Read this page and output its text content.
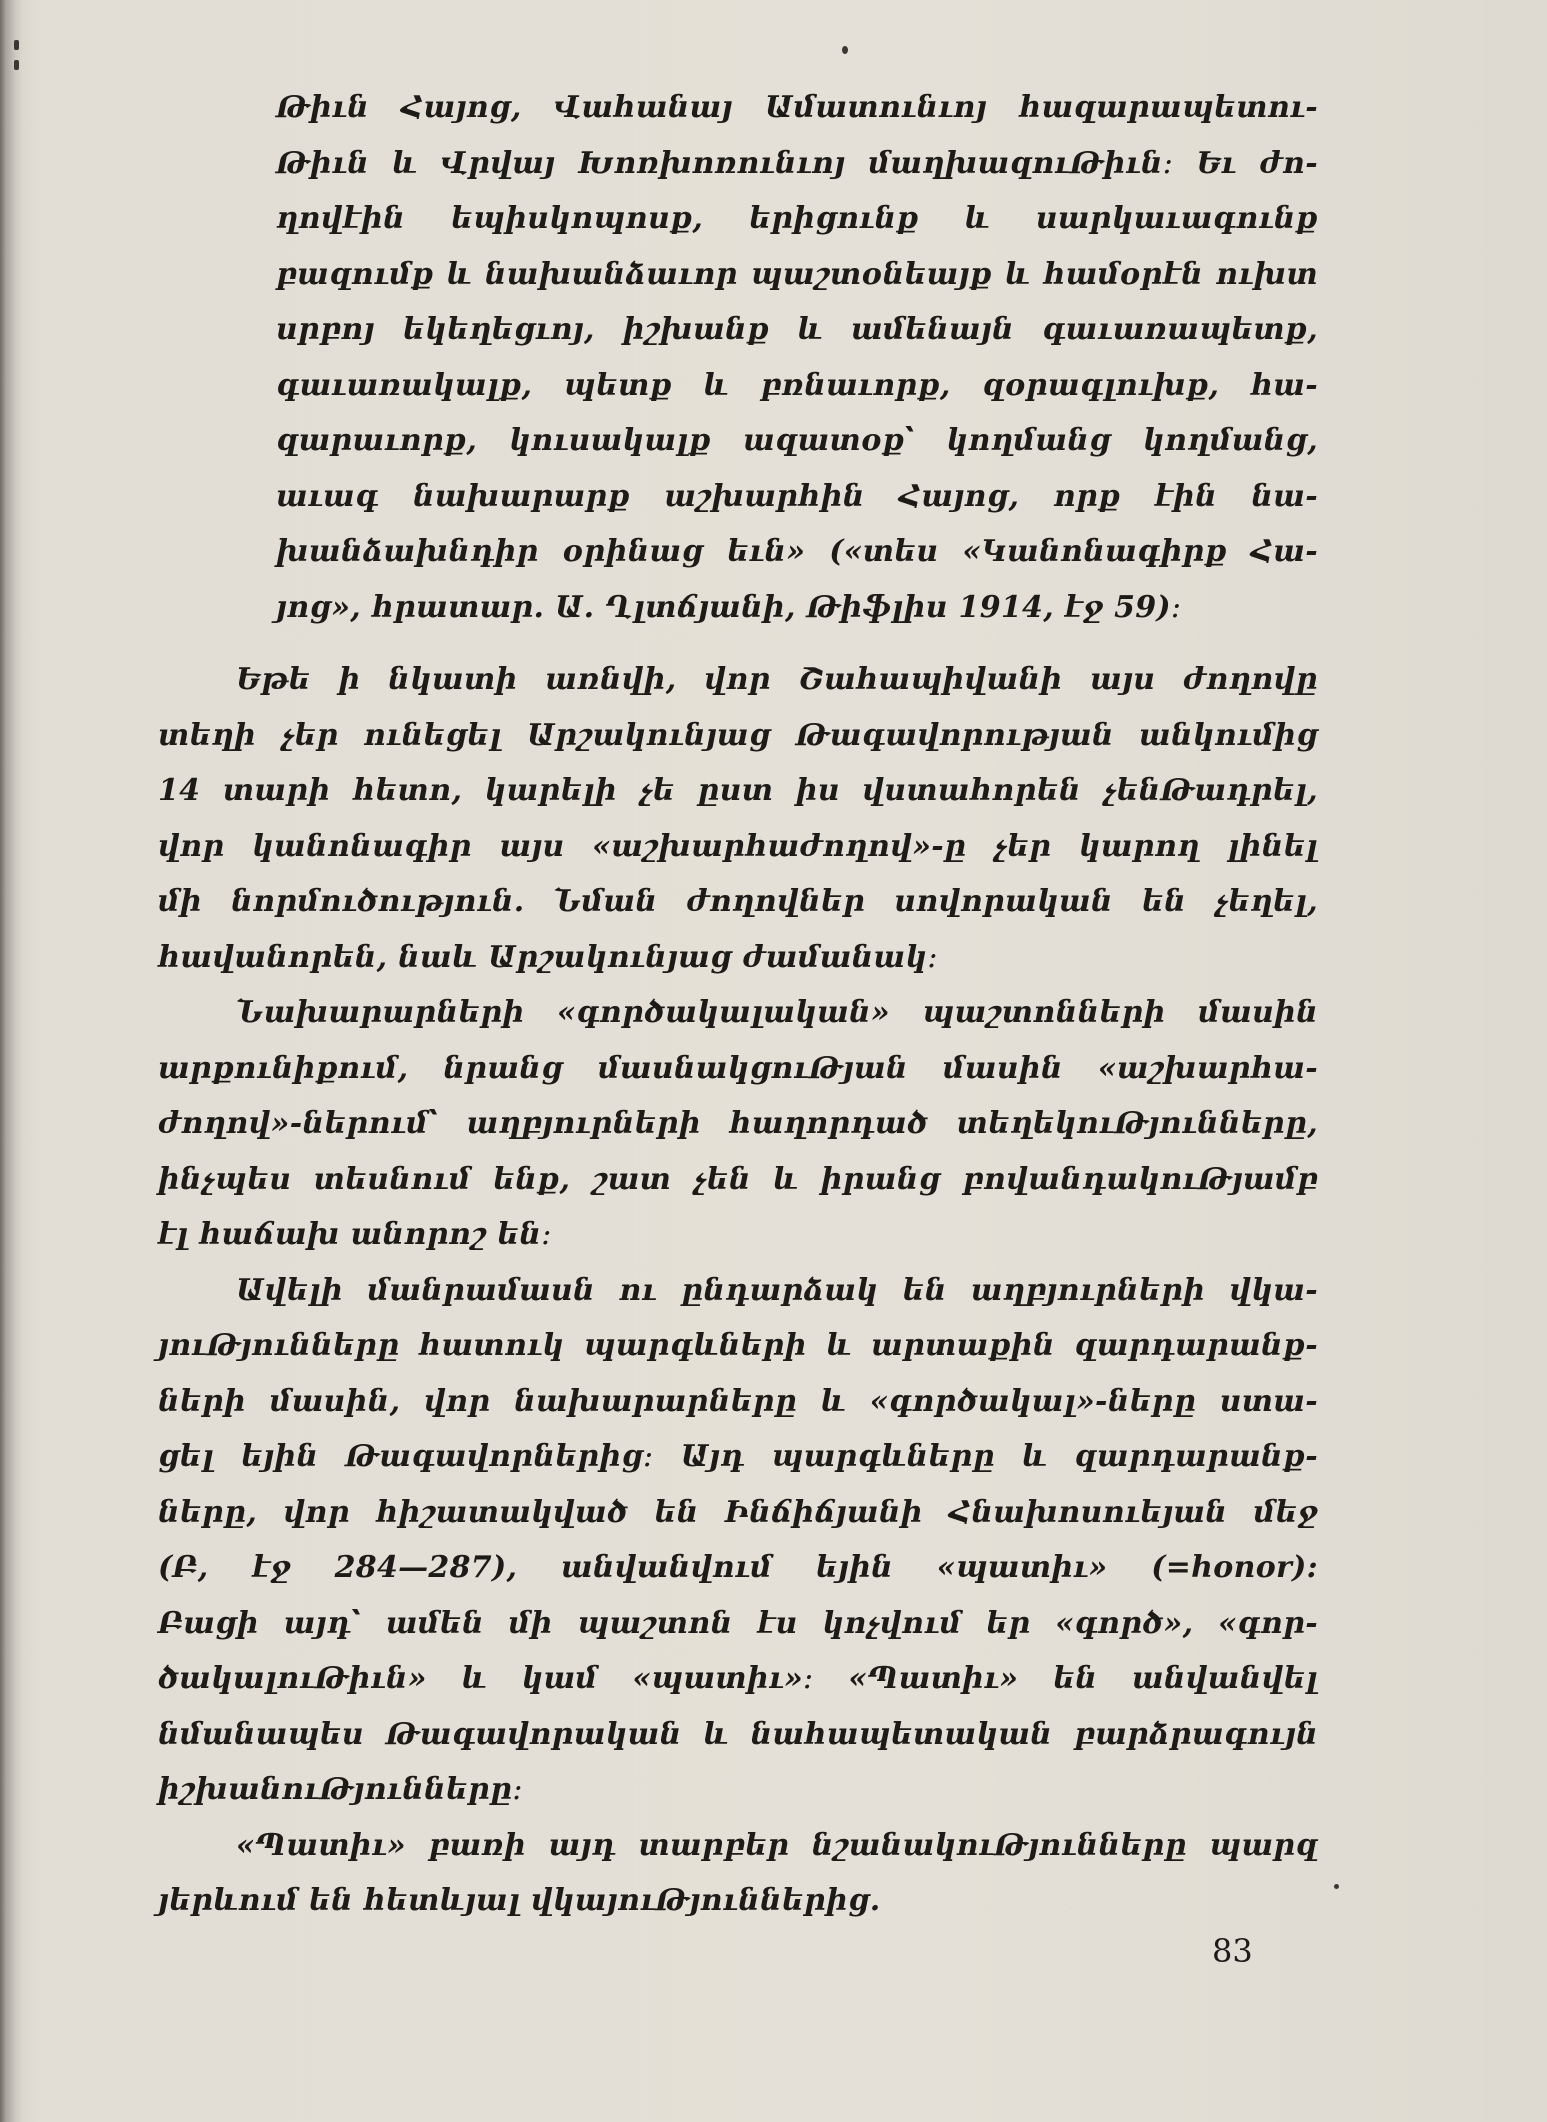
Թիւն Հայոց, Վահանայ Ամատունւոյ հազարապետու-
Թիւն և Վրվայ Խոռխոռունւոյ մաղխազուԹիւն։ Եւ ժո-
ղովէին եպիսկոպոսք, երիցունք և սարկաւագունք
բազումք և նախանձաւոր պաշտօնեայք և համօրէն ուխտ
սրբոյ եկեղեցւոյ, իշխանք և ամենայն գաւառապետք,
գաւառակալք, պետք և բռնաւորք, զօրագլուխք, հա-
զարաւորք, կուսակալք ազատօք՝ կողմանց կողմանց,
աւագ նախարարք աշխարհին Հայոց, որք էին նա-
խանձախնդիր օրինաց եւն» («տես «Կանոնագիրք Հա-
յոց», հրատար. Ա. Ղլտճյանի, Թիֆլիս 1914, էջ 59)։
Եթե ի նկատի առնվի, վոր Շահապիվանի այս ժողովը
տեղի չեր ունեցել Արշակունյաց Թագավորության անկումից
14 տարի հետո, կարելի չե ըստ իս վստահորեն չենԹադրել,
վոր կանոնագիր այս «աշխարհաժողով»-ը չեր կարող լինել
մի նորմուծություն. Նման ժողովներ սովորական են չեղել,
հավանորեն, նաև Արշակունյաց ժամանակ։
Նախարարների «գործակալական» պաշտոնների մասին
արքունիքում, նրանց մասնակցուԹյան մասին «աշխարհա-
ժողով»-ներում՝ աղբյուրների հաղորդած տեղեկուԹյունները,
ինչպես տեսնում ենք, շատ չեն և իրանց բովանդակուԹյամբ
էլ հաճախ անորոշ են։
Ավելի մանրամասն ու ընդարձակ են աղբյուրների վկա-
յուԹյունները հատուկ պարգևների և արտաքին զարդարանք-
ների մասին, վոր նախարարները և «գործակալ»-ները ստա-
ցել եյին Թագավորներից։ Այդ պարգևները և զարդարանք-
ները, վոր հիշատակված են Ինճիճյանի Հնախոսուեյան մեջ
(Բ, էջ 284—287), անվանվում եյին «պատիւ» (=honor):
Բացի այդ՝ ամեն մի պաշտոն էս կոչվում եր «գործ», «գոր-
ծակալուԹիւն» և կամ «պատիւ»։ «Պատիւ» են անվանվել
նմանապես Թագավորական և նահապետական բարձրագույն
իշխանուԹյունները։
«Պատիւ» բառի այդ տարբեր նշանակուԹյունները պարզ
յերևում են հետևյալ վկայուԹյուններից.
83
